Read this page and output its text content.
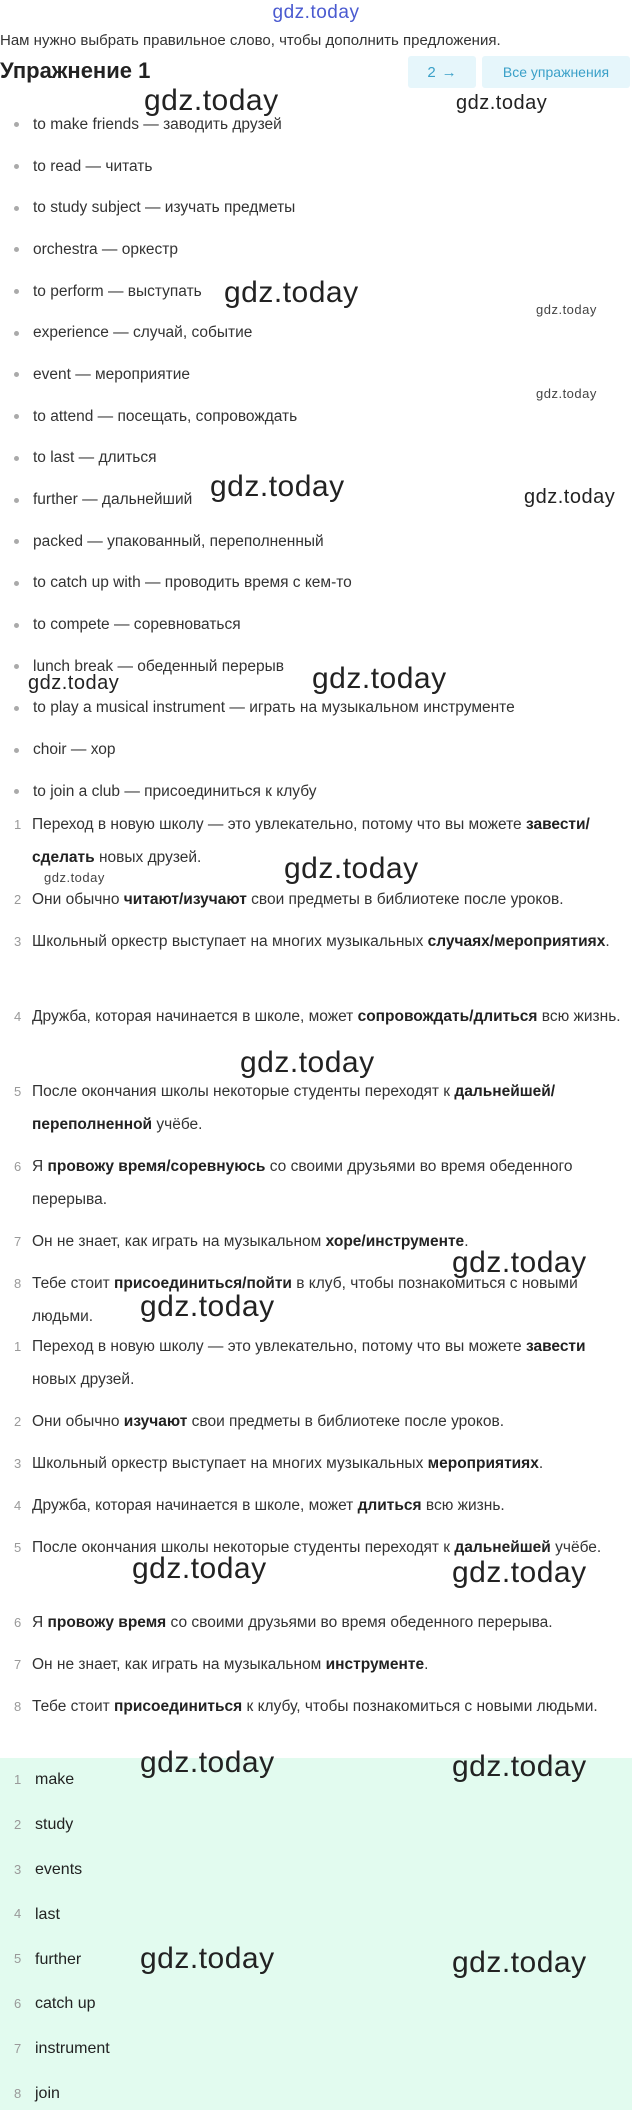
gdz.today
Нам нужно выбрать правильное слово, чтобы дополнить предложения.
Упражнение 1	2 →	Все упражнения
to make friends — заводить друзей
to read — читать
to study subject — изучать предметы
orchestra — оркестр
to perform — выступать
experience — случай, событие
event — мероприятие
to attend — посещать, сопровождать
to last — длиться
further — дальнейший
packed — упакованный, переполненный
to catch up with — проводить время с кем-то
to compete — соревноваться
lunch break — обеденный перерыв
to play a musical instrument — играть на музыкальном инструменте
choir — хор
to join a club — присоединиться к клубу
1 Переход в новую школу — это увлекательно, потому что вы можете завести/сделать новых друзей.
2 Они обычно читают/изучают свои предметы в библиотеке после уроков.
3 Школьный оркестр выступает на многих музыкальных случаях/мероприятиях.
4 Дружба, которая начинается в школе, может сопровождать/длиться всю жизнь.
5 После окончания школы некоторые студенты переходят к дальнейшей/переполненной учёбе.
6 Я провожу время/соревнуюсь со своими друзьями во время обеденного перерыва.
7 Он не знает, как играть на музыкальном хоре/инструменте.
8 Тебе стоит присоединиться/пойти в клуб, чтобы познакомиться с новыми людьми.
1 Переход в новую школу — это увлекательно, потому что вы можете завести новых друзей.
2 Они обычно изучают свои предметы в библиотеке после уроков.
3 Школьный оркестр выступает на многих музыкальных мероприятиях.
4 Дружба, которая начинается в школе, может длиться всю жизнь.
5 После окончания школы некоторые студенты переходят к дальнейшей учёбе.
6 Я провожу время со своими друзьями во время обеденного перерыва.
7 Он не знает, как играть на музыкальном инструменте.
8 Тебе стоит присоединиться к клубу, чтобы познакомиться с новыми людьми.
1 make
2 study
3 events
4 last
5 further
6 catch up
7 instrument
8 join
gdz.today	gdz.today
gdz.today
gdz.today
gdz.today
gdz.today	gdz.today
gdz.today
gdz.today
gdz.today	gdz.today
gdz.today
gdz.today
gdz.today
gdz.today	gdz.today
gdz.today	gdz.today
gdz.today	gdz.today
